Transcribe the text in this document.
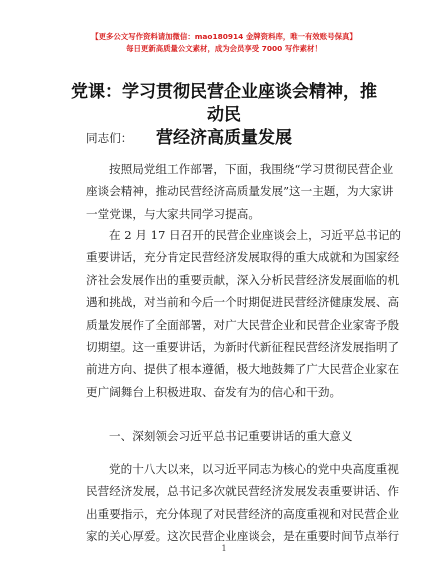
【更多公文写作资料请加微信：mao180914 金牌资料库，唯一有效账号保真】
每日更新高质量公文素材，成为会员享受 7000 写作素材！
党课：学习贯彻民营企业座谈会精神，推动民
营经济高质量发展
同志们：
按照局党组工作部署，下面，我围绕“学习贯彻民营企业
座谈会精神，推动民营经济高质量发展”这一主题，为大家讲
一堂党课，与大家共同学习提高。
在 2 月 17 日召开的民营企业座谈会上，习近平总书记的
重要讲话，充分肯定民营经济发展取得的重大成就和为国家经
济社会发展作出的重要贡献，深入分析民营经济发展面临的机
遇和挑战，对当前和今后一个时期促进民营经济健康发展、高
质量发展作了全面部署，对广大民营企业和民营企业家寄予殷
切期望。这一重要讲话，为新时代新征程民营经济发展指明了
前进方向、提供了根本遵循，极大地鼓舞了广大民营企业家在
更广阔舞台上积极进取、奋发有为的信心和干劲。
一、深刻领会习近平总书记重要讲话的重大意义
党的十八大以来，以习近平同志为核心的党中央高度重视
民营经济发展，总书记多次就民营经济发展发表重要讲话、作
出重要指示，充分体现了对民营经济的高度重视和对民营企业
家的关心厚爱。这次民营企业座谈会，是在重要时间节点举行
1
